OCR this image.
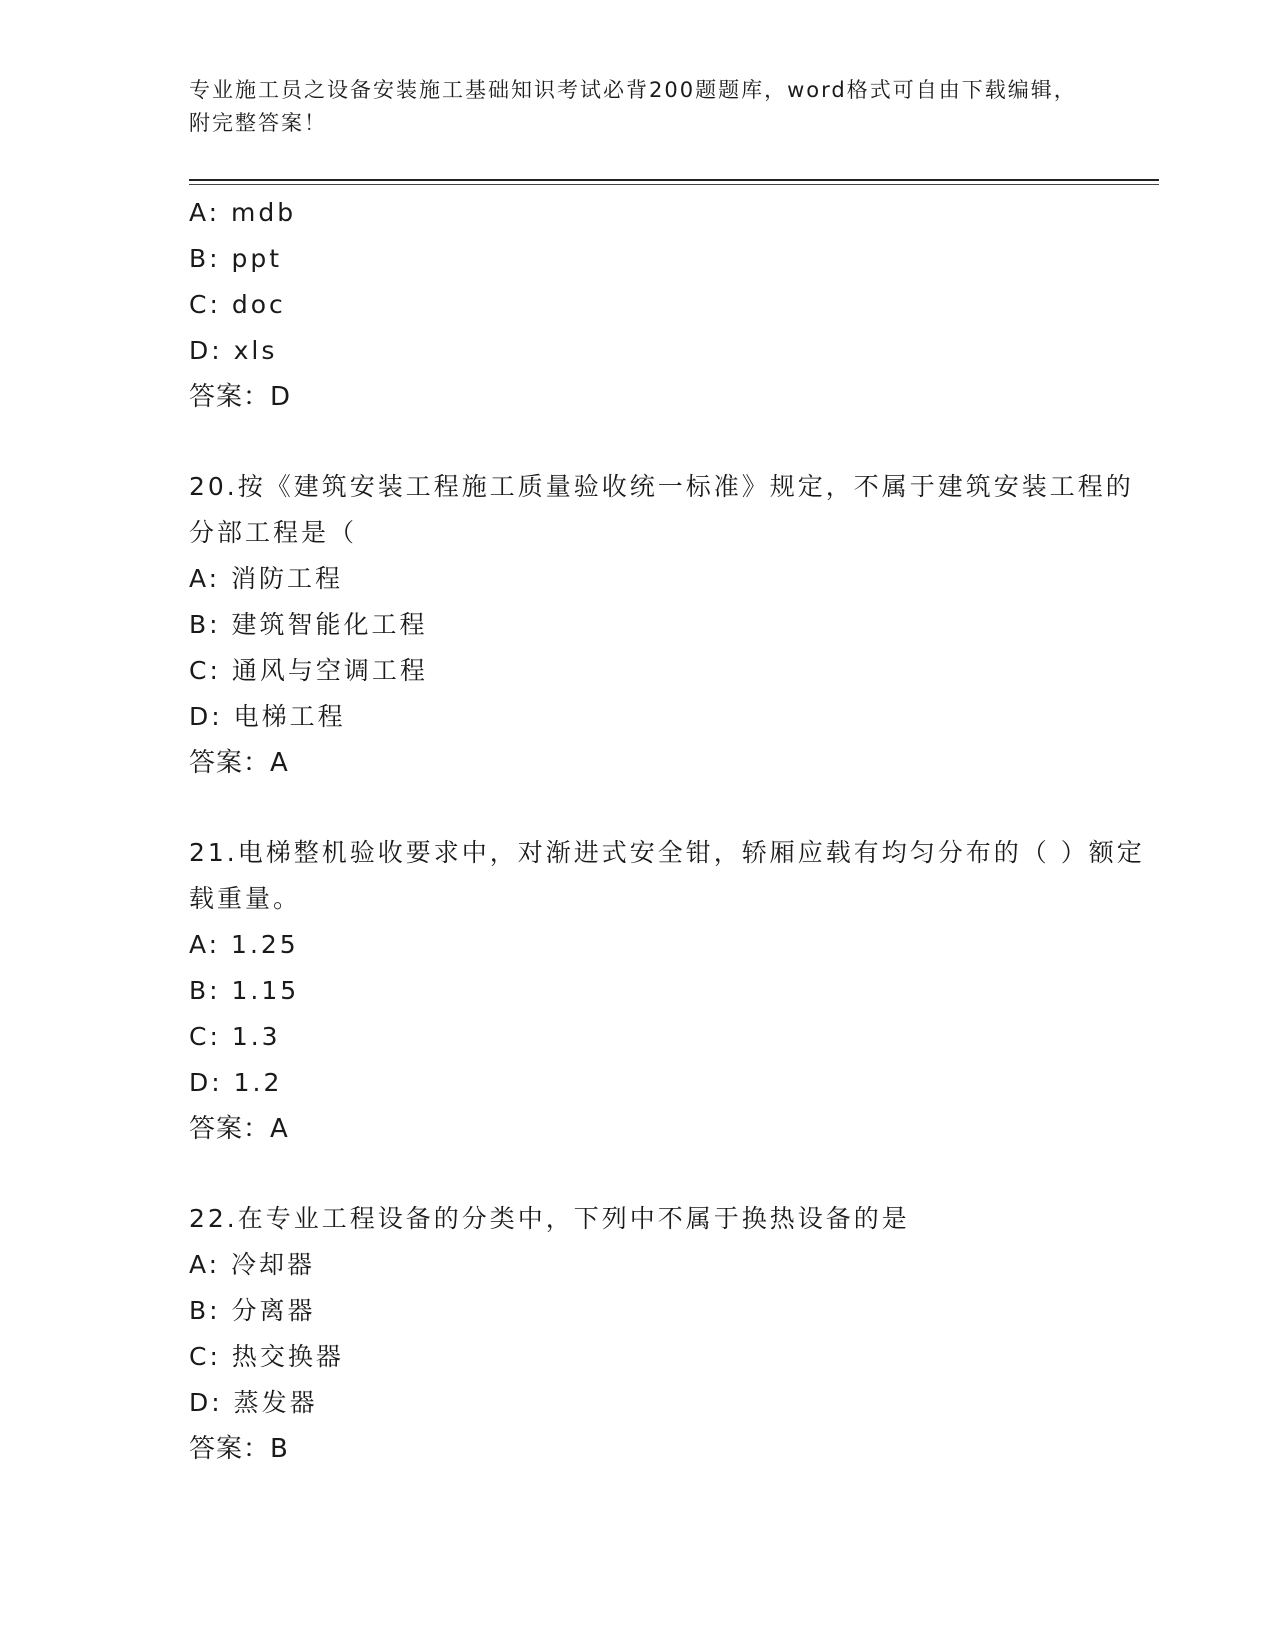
专业施工员之设备安装施工基础知识考试必背200题题库，word格式可自由下载编辑，附完整答案！
A: mdb
B: ppt
C: doc
D: xls
答案：D
20.按《建筑安装工程施工质量验收统一标准》规定，不属于建筑安装工程的分部工程是（
A: 消防工程
B: 建筑智能化工程
C: 通风与空调工程
D: 电梯工程
答案：A
21.电梯整机验收要求中，对渐进式安全钳，轿厢应载有均匀分布的（ ）额定载重量。
A: 1.25
B: 1.15
C: 1.3
D: 1.2
答案：A
22.在专业工程设备的分类中，下列中不属于换热设备的是
A: 冷却器
B: 分离器
C: 热交换器
D: 蒸发器
答案：B
